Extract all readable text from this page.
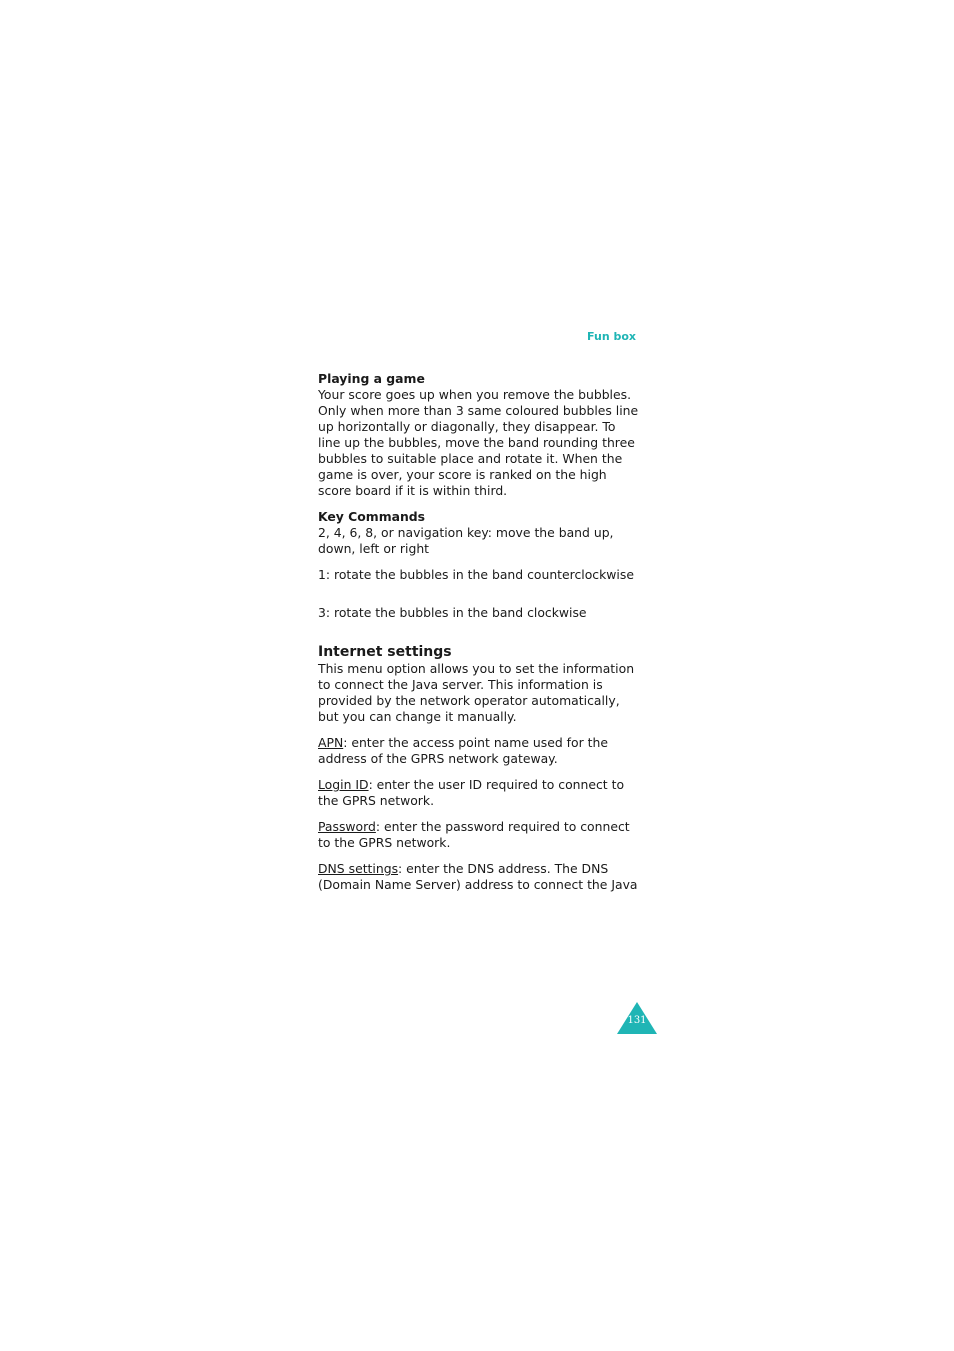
Fun box

Playing a game

Your score goes up when you remove the bubbles. Only when more than 3 same coloured bubbles line up horizontally or diagonally, they disappear. To line up the bubbles, move the band rounding three bubbles to suitable place and rotate it. When the game is over, your score is ranked on the high score board if it is within third.

Key Commands

2, 4, 6, 8, or navigation key: move the band up, down, left or right

1: rotate the bubbles in the band counterclockwise

3: rotate the bubbles in the band clockwise

Internet settings

This menu option allows you to set the information to connect the Java server. This information is provided by the network operator automatically, but you can change it manually.

APN: enter the access point name used for the address of the GPRS network gateway.

Login ID: enter the user ID required to connect to the GPRS network.

Password: enter the password required to connect to the GPRS network.

DNS settings: enter the DNS address. The DNS (Domain Name Server) address to connect the Java

131
